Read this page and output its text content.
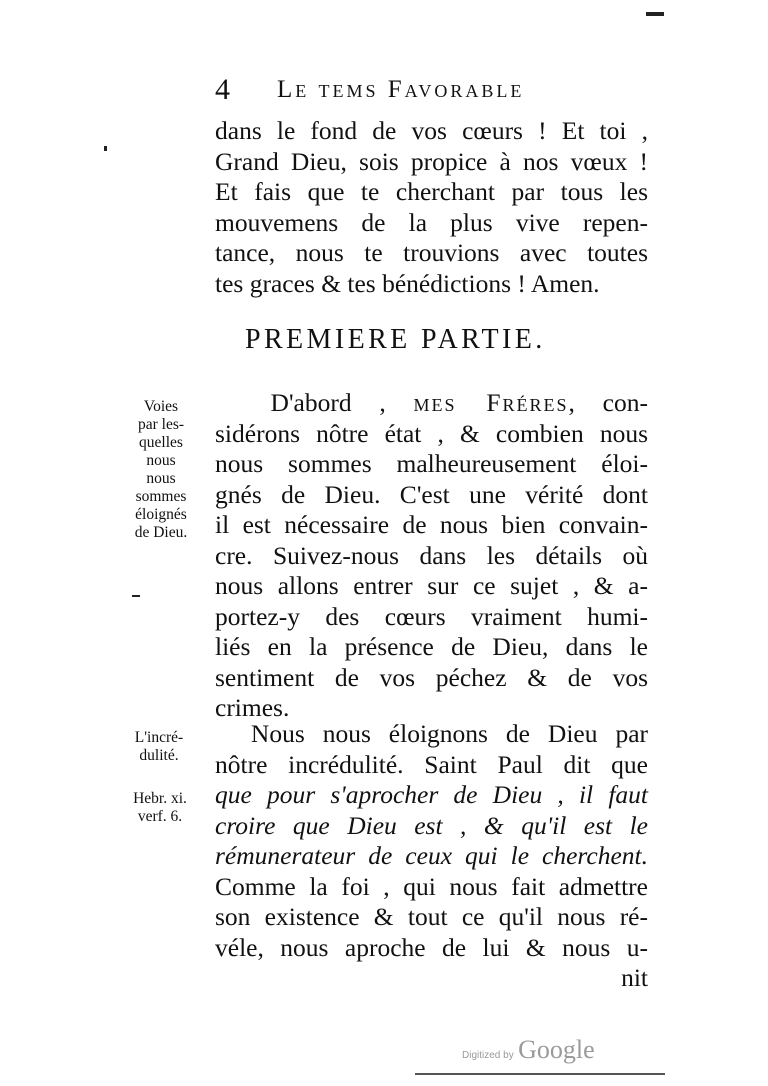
4 Le tems Favorable
dans le fond de vos cœurs ! Et toi ,
Grand Dieu, sois propice à nos vœux !
Et fais que te cherchant par tous les
mouvemens de la plus vive repen-
tance, nous te trouvions avec toutes
tes graces & tes bénédictions ! Amen.
PREMIERE PARTIE.
Voies
par les-
quelles
nous
nous
sommes
éloignés
de Dieu.
D'abord , mes Fréres, con-
sidérons nôtre état , & combien nous
nous sommes malheureusement éloi-
gnés de Dieu. C'est une vérité dont
il est nécessaire de nous bien convain-
cre. Suivez-nous dans les détails où
nous allons entrer sur ce sujet , & a-
portez-y des cœurs vraiment humi-
liés en la présence de Dieu, dans le
sentiment de vos péchez & de vos
crimes.
L'incré-
dulité.
Hebr. xi.
verf. 6.
Nous nous éloignons de Dieu par
nôtre incrédulité. Saint Paul dit que
que pour s'aprocher de Dieu , il faut
croire que Dieu est , & qu'il est le
rémunerateur de ceux qui le cherchent.
Comme la foi , qui nous fait admettre
son existence & tout ce qu'il nous ré-
véle, nous aproche de lui & nous u-
nit
Digitized by Google
